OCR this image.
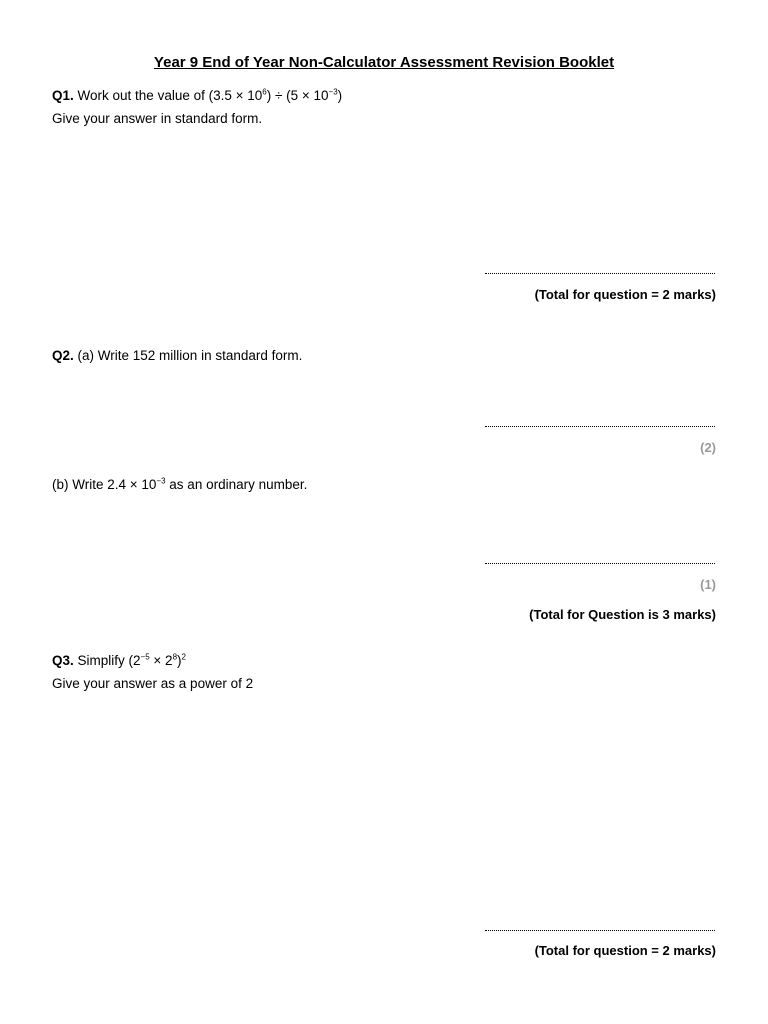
Year 9 End of Year Non-Calculator Assessment Revision Booklet
Q1. Work out the value of $(3.5 \times 10^6) \div (5 \times 10^{-3})$
Give your answer in standard form.
(Total for question = 2 marks)
Q2. (a) Write 152 million in standard form.
(2)
(b) Write $2.4 \times 10^{-3}$ as an ordinary number.
(1)
(Total for Question is 3 marks)
Q3. Simplify $(2^{-5} \times 2^8)^2$
Give your answer as a power of 2
(Total for question = 2 marks)
